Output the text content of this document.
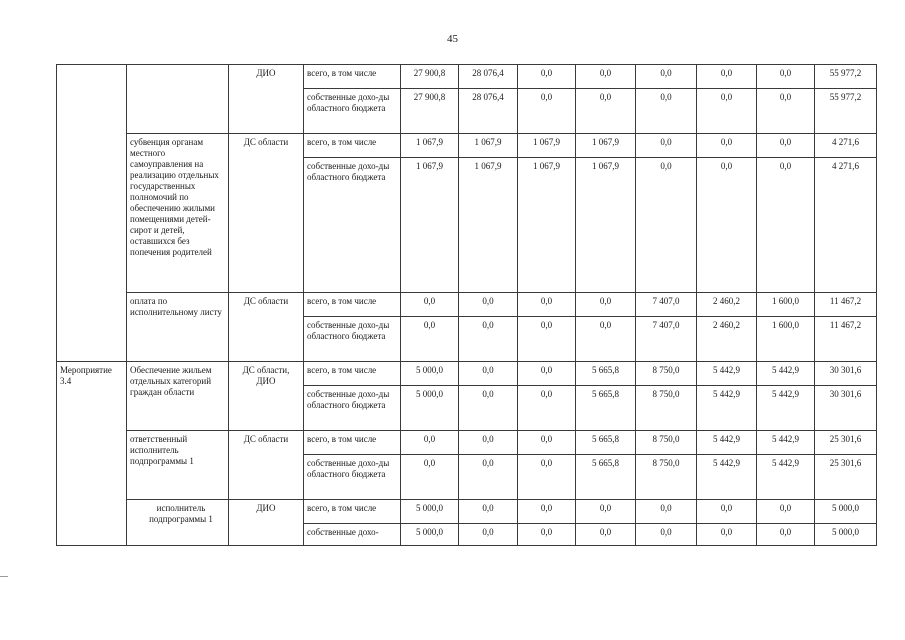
45
		ДИО	всего, в том числе	27 900,8	28 076,4	0,0	0,0	0,0	0,0	0,0	55 977,2
			собственные дохо-ды областного бюджета	27 900,8	28 076,4	0,0	0,0	0,0	0,0	0,0	55 977,2
	субвенция органам местного самоуправления на реализацию отдельных государственных полномочий по обеспечению жилыми помещениями детей-сирот и детей, оставшихся без попечения родителей	ДС области	всего, в том числе	1 067,9	1 067,9	1 067,9	1 067,9	0,0	0,0	0,0	4 271,6
			собственные дохо-ды областного бюджета	1 067,9	1 067,9	1 067,9	1 067,9	0,0	0,0	0,0	4 271,6
	оплата по исполнительному листу	ДС области	всего, в том числе	0,0	0,0	0,0	0,0	7 407,0	2 460,2	1 600,0	11 467,2
			собственные дохо-ды областного бюджета	0,0	0,0	0,0	0,0	7 407,0	2 460,2	1 600,0	11 467,2
Мероприятие 3.4	Обеспечение жильем отдельных категорий граждан области	ДС области, ДИО	всего, в том числе	5 000,0	0,0	0,0	5 665,8	8 750,0	5 442,9	5 442,9	30 301,6
			собственные дохо-ды областного бюджета	5 000,0	0,0	0,0	5 665,8	8 750,0	5 442,9	5 442,9	30 301,6
	ответственный исполнитель подпрограммы 1	ДС области	всего, в том числе	0,0	0,0	0,0	5 665,8	8 750,0	5 442,9	5 442,9	25 301,6
			собственные дохо-ды областного бюджета	0,0	0,0	0,0	5 665,8	8 750,0	5 442,9	5 442,9	25 301,6
	исполнитель подпрограммы 1	ДИО	всего, в том числе	5 000,0	0,0	0,0	0,0	0,0	0,0	0,0	5 000,0
			собственные дохо-	5 000,0	0,0	0,0	0,0	0,0	0,0	0,0	5 000,0
